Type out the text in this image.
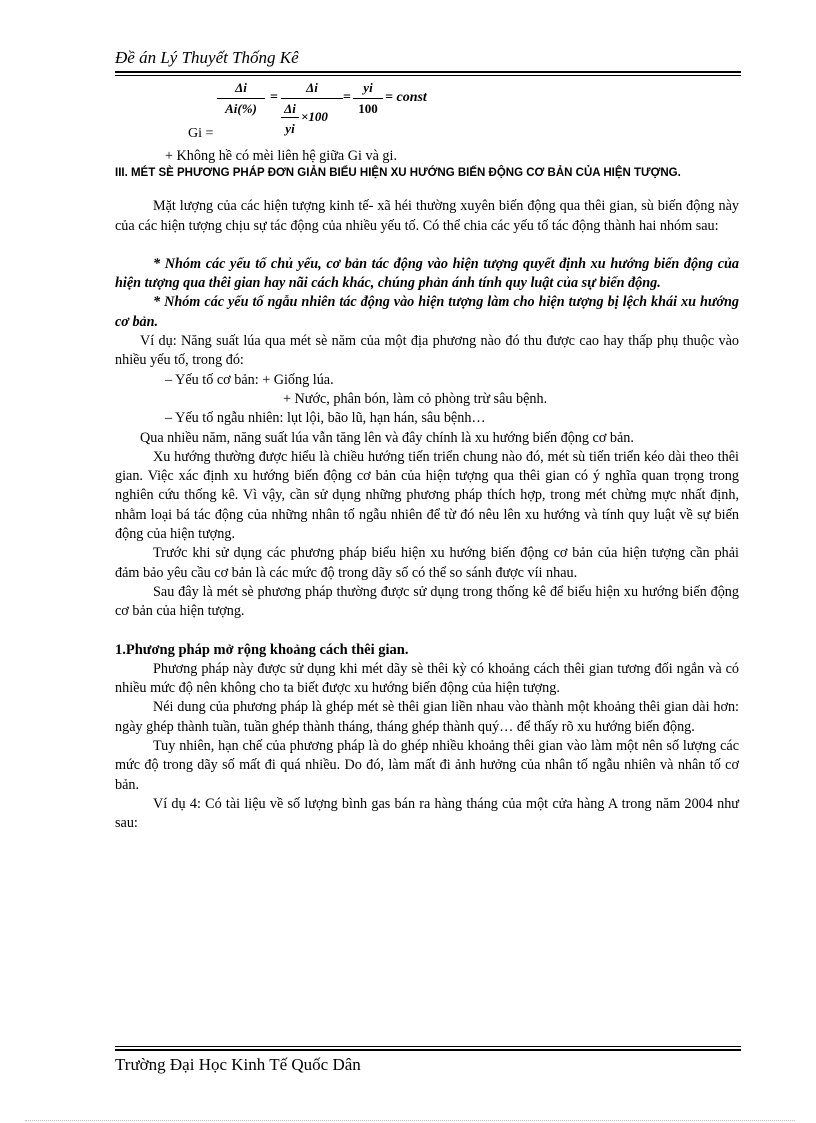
Đề án Lý Thuyết Thống Kê
Δi
Ai(%)
=
Δi
Δi
yi
×100
=
yi
100
= const
Gi =

+ Không hề có mèi liên hệ giữa Gi và gi.

III. MÉT SÈ PHƯƠNG PHÁP ĐƠN GIẢN BIỂU HIỆN XU HƯỚNG BIẾN ĐỘNG CƠ BẢN CỦA HIỆN TƯỢNG.

Mặt lượng của các hiện tượng kinh tế- xã héi thường xuyên biến động qua thêi gian, sù biến động này của các hiện tượng chịu sự tác động của nhiều yếu tố. Có thể chia các yếu tố tác động thành hai nhóm sau:

* Nhóm các yếu tố chủ yếu, cơ bản tác động vào hiện tượng quyết định xu hướng biến động của hiện tượng qua thêi gian hay nãi cách khác, chúng phản ánh tính quy luật của sự biến động.

* Nhóm các yếu tố ngẫu nhiên tác động vào hiện tượng làm cho hiện tượng bị lệch khái xu hướng cơ bản.

Ví dụ: Năng suất lúa qua mét sè năm của một địa phương nào đó thu được cao hay thấp phụ thuộc vào nhiều yếu tố, trong đó:

– Yếu tố cơ bản: + Giống lúa.

+ Nước, phân bón, làm cỏ phòng trừ sâu bệnh.

– Yếu tố ngẫu nhiên: lụt lội, bão lũ, hạn hán, sâu bệnh…

Qua nhiều năm, năng suất lúa vẫn tăng lên và đây chính là xu hướng biến động cơ bản.

Xu hướng thường được hiểu là chiều hướng tiến triển chung nào đó, mét sù tiến triển kéo dài theo thêi gian. Việc xác định xu hướng biến động cơ bản của hiện tượng qua thêi gian có ý nghĩa quan trọng trong nghiên cứu thống kê. Vì vậy, cần sử dụng những phương pháp thích hợp, trong mét chừng mực nhất định, nhằm loại bá tác động của những nhân tố ngẫu nhiên để từ đó nêu lên xu hướng và tính quy luật về sự biến động của hiện tượng.

Trước khi sử dụng các phương pháp biểu hiện xu hướng biến động cơ bản của hiện tượng cần phải đảm bảo yêu cầu cơ bản là các mức độ trong dãy số có thể so sánh được víi nhau.

Sau đây là mét sè phương pháp thường được sử dụng trong thống kê để biểu hiện xu hướng biến động cơ bản của hiện tượng.

1.Phương pháp mở rộng khoảng cách thêi gian.

Phương pháp này được sử dụng khi mét dãy sè thêi kỳ có khoảng cách thêi gian tương đối ngắn và có nhiều mức độ nên không cho ta biết được xu hướng biến động của hiện tượng.

Néi dung của phương pháp là ghép mét sè thêi gian liền nhau vào thành một khoảng thêi gian dài hơn: ngày ghép thành tuần, tuần ghép thành tháng, tháng ghép thành quý… để thấy rõ xu hướng biến động.

Tuy nhiên, hạn chế của phương pháp là do ghép nhiều khoảng thêi gian vào làm một nên số lượng các mức độ trong dãy số mất đi quá nhiều. Do đó, làm mất đi ảnh hưởng của nhân tố ngẫu nhiên và nhân tố cơ bản.

Ví dụ 4: Có tài liệu về số lượng bình gas bán ra hàng tháng của một cửa hàng A trong năm 2004 như sau:

Trường Đại Học Kinh Tế Quốc Dân
